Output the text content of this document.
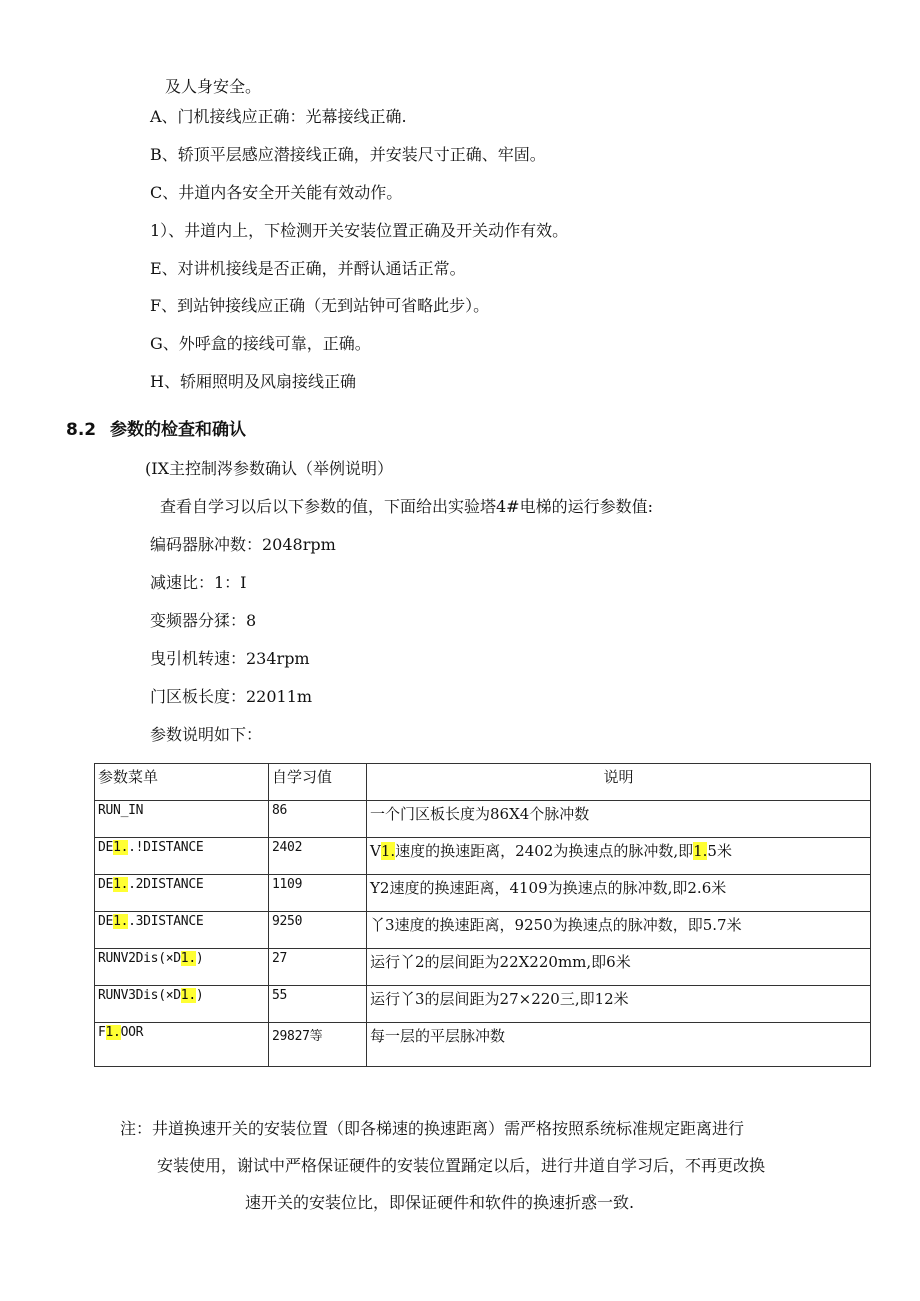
及人身安全。
A、门机接线应正确：光幕接线正确.
B、轿顶平层感应潜接线正确，并安装尺寸正确、牢固。
C、井道内各安全开关能有效动作。
1）、井道内上，下检测开关安装位置正确及开关动作有效。
E、对讲机接线是否正确，并酹认通话正常。
F、到站钟接线应正确（无到站钟可省略此步）。
G、外呼盒的接线可靠，正确。
H、轿厢照明及风扇接线正确
8.2 参数的检查和确认
(IX主控制涔参数确认（举例说明）
查看自学习以后以下参数的值，下面给出实验塔4#电梯的运行参数值:
编码器脉冲数：2048rpm
减速比：1：I
变频器分猱：8
曳引机转速：234rpm
门区板长度：22011m
参数说明如下：
参数菜单	自学习值	说明
RUN_IN	86	一个门区板长度为86X4个脉冲数
DE1..!DISTANCE	2402	V1.速度的换速距离，2402为换速点的脉冲数,即1.5米
DE1..2DISTANCE	1109	Y2速度的换速距离，4109为换速点的脉冲数,即2.6米
DE1..3DISTANCE	9250	丫3速度的换速距离，9250为换速点的脉冲数，即5.7米
RUNV2Dis(×D1.)	27	运行丫2的层间距为22X220mm,即6米
RUNV3Dis(×D1.)	55	运行丫3的层间距为27×220三,即12米
F1.OOR	29827等	每一层的平层脉冲数
注：井道换速开关的安装位置（即各梯速的换速距离）需严格按照系统标准规定距离进行
安装使用，谢试中严格保证硬件的安装位置踊定以后，进行井道自学习后，不再更改换
速开关的安装位比，即保证硬件和软件的换速折惑一致.
